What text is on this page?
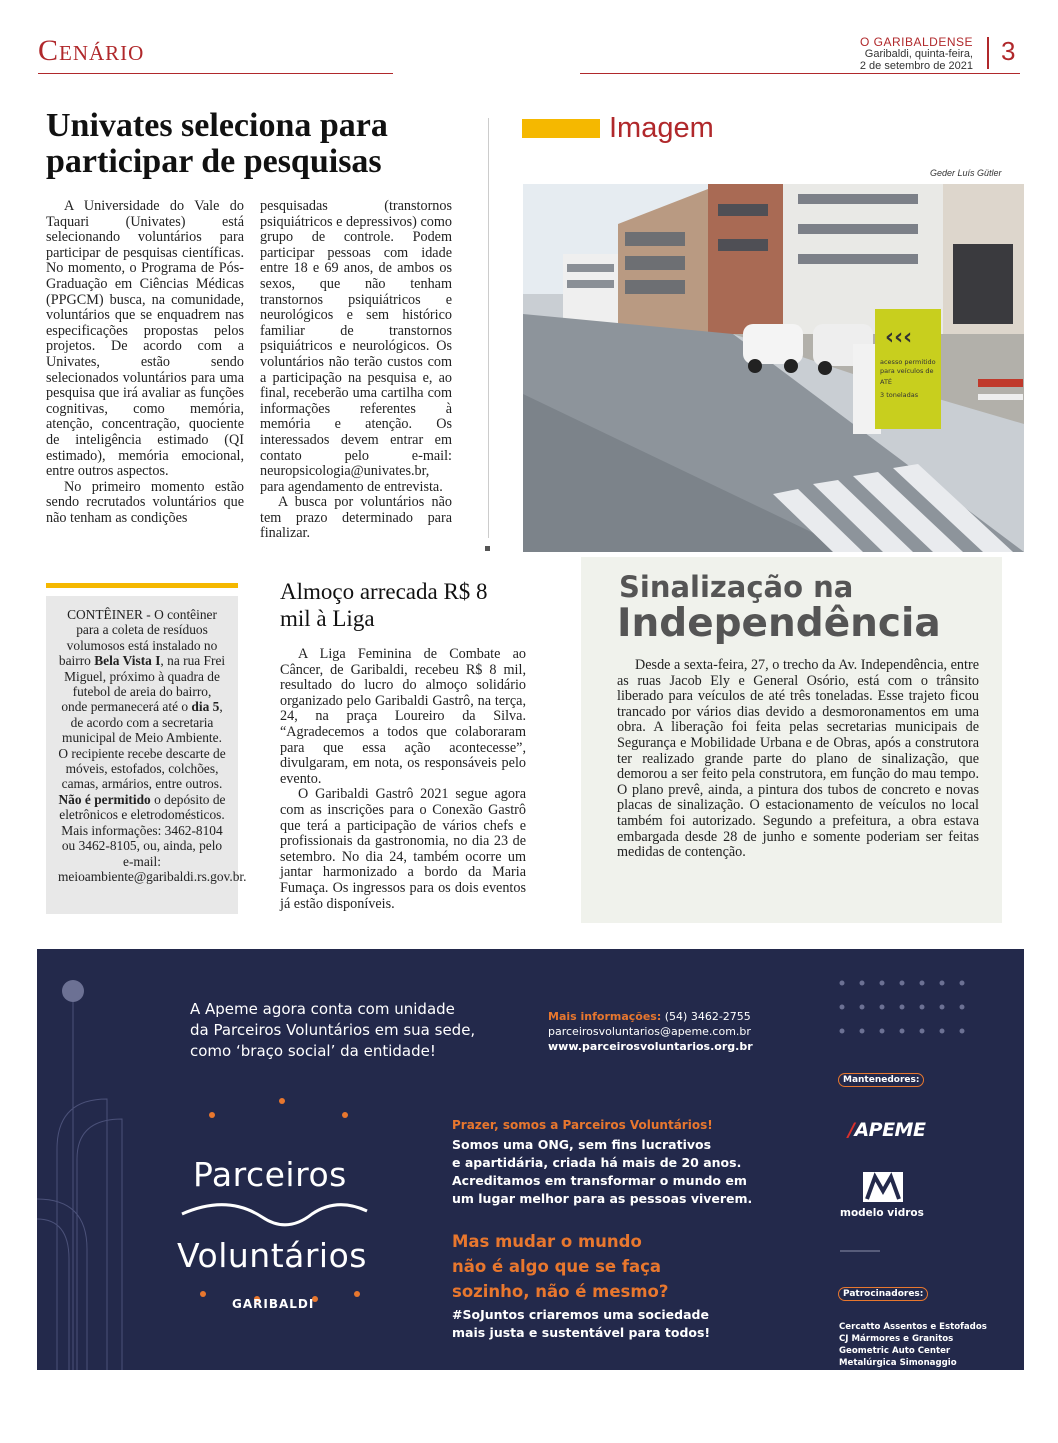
Cenário	O GARIBALDENSE
Garibaldi, quinta-feira,
2 de setembro de 2021 3
Univates seleciona para participar de pesquisas

A Universidade do Vale do Taquari (Univates) está selecionando voluntários para participar de pesquisas científicas. No momento, o Programa de Pós-Graduação em Ciências Médicas (PPGCM) busca, na comunidade, voluntários que se enquadrem nas especificações propostas pelos projetos. De acordo com a Univates, estão sendo selecionados voluntários para uma pesquisa que irá avaliar as funções cognitivas, como memória, atenção, concentração, quociente de inteligência estimado (QI estimado), memória emocional, entre outros aspectos.

No primeiro momento estão sendo recrutados voluntários que não tenham as condições

pesquisadas (transtornos psiquiátricos e depressivos) como grupo de controle. Podem participar pessoas com idade entre 18 e 69 anos, de ambos os sexos, que não tenham transtornos psiquiátricos e neurológicos e sem histórico familiar de transtornos psiquiátricos e neurológicos. Os voluntários não terão custos com a participação na pesquisa e, ao final, receberão uma cartilha com informações referentes à memória e atenção. Os interessados devem entrar em contato pelo e-mail: neuropsicologia@univates.br, para agendamento de entrevista.

A busca por voluntários não tem prazo determinado para finalizar.

Imagem
Geder Luís Gütler
‹‹‹
acesso permitido
para veículos de
ATÉ
3 toneladas
CONTÊINER - O contêiner para a coleta de resíduos volumosos está instalado no bairro Bela Vista I, na rua Frei Miguel, próximo à quadra de futebol de areia do bairro, onde permanecerá até o dia 5, de acordo com a secretaria municipal de Meio Ambiente. O recipiente recebe descarte de móveis, estofados, colchões, camas, armários, entre outros. Não é permitido o depósito de eletrônicos e eletrodomésticos. Mais informações: 3462-8104 ou 3462-8105, ou, ainda, pelo e-mail: meioambiente@garibaldi.rs.gov.br.
Almoço arrecada R$ 8 mil à Liga

A Liga Feminina de Combate ao Câncer, de Garibaldi, recebeu R$ 8 mil, resultado do lucro do almoço solidário organizado pelo Garibaldi Gastrô, na terça, 24, na praça Loureiro da Silva. “Agradecemos a todos que colaboraram para que essa ação acontecesse”, divulgaram, em nota, os responsáveis pelo evento.

O Garibaldi Gastrô 2021 segue agora com as inscrições para o Conexão Gastrô que terá a participação de vários chefs e profissionais da gastronomia, no dia 23 de setembro. No dia 24, também ocorre um jantar harmonizado a bordo da Maria Fumaça. Os ingressos para os dois eventos já estão disponíveis.

Sinalização na
Independência

Desde a sexta-feira, 27, o trecho da Av. Independência, entre as ruas Jacob Ely e General Osório, está com o trânsito liberado para veículos de até três toneladas. Esse trajeto ficou trancado por vários dias devido a desmoronamentos em uma obra. A liberação foi feita pelas secretarias municipais de Segurança e Mobilidade Urbana e de Obras, após a construtora ter realizado grande parte do plano de sinalização, que demorou a ser feito pela construtora, em função do mau tempo. O plano prevê, ainda, a pintura dos tubos de concreto e novas placas de sinalização. O estacionamento de veículos no local também foi autorizado. Segundo a prefeitura, a obra estava embargada desde 28 de junho e somente poderiam ser feitas medidas de contenção.

A Apeme agora conta com unidade
da Parceiros Voluntários em sua sede,
como ‘braço social’ da entidade!
Mais informações: (54) 3462-2755
parceirosvoluntarios@apeme.com.br
www.parceirosvoluntarios.org.br
Parceiros
Voluntários
GARIBALDI
Prazer, somos a Parceiros Voluntários!
Somos uma ONG, sem fins lucrativos
e apartidária, criada há mais de 20 anos.
Acreditamos em transformar o mundo em
um lugar melhor para as pessoas viverem.
Mas mudar o mundo
não é algo que se faça
sozinho, não é mesmo?
#SoJuntos criaremos uma sociedade
mais justa e sustentável para todos!
Mantenedores:
/APEME
modelo vidros
Patrocinadores:
Cercatto Assentos e Estofados
CJ Mármores e Granitos
Geometric Auto Center
Metalúrgica Simonaggio
